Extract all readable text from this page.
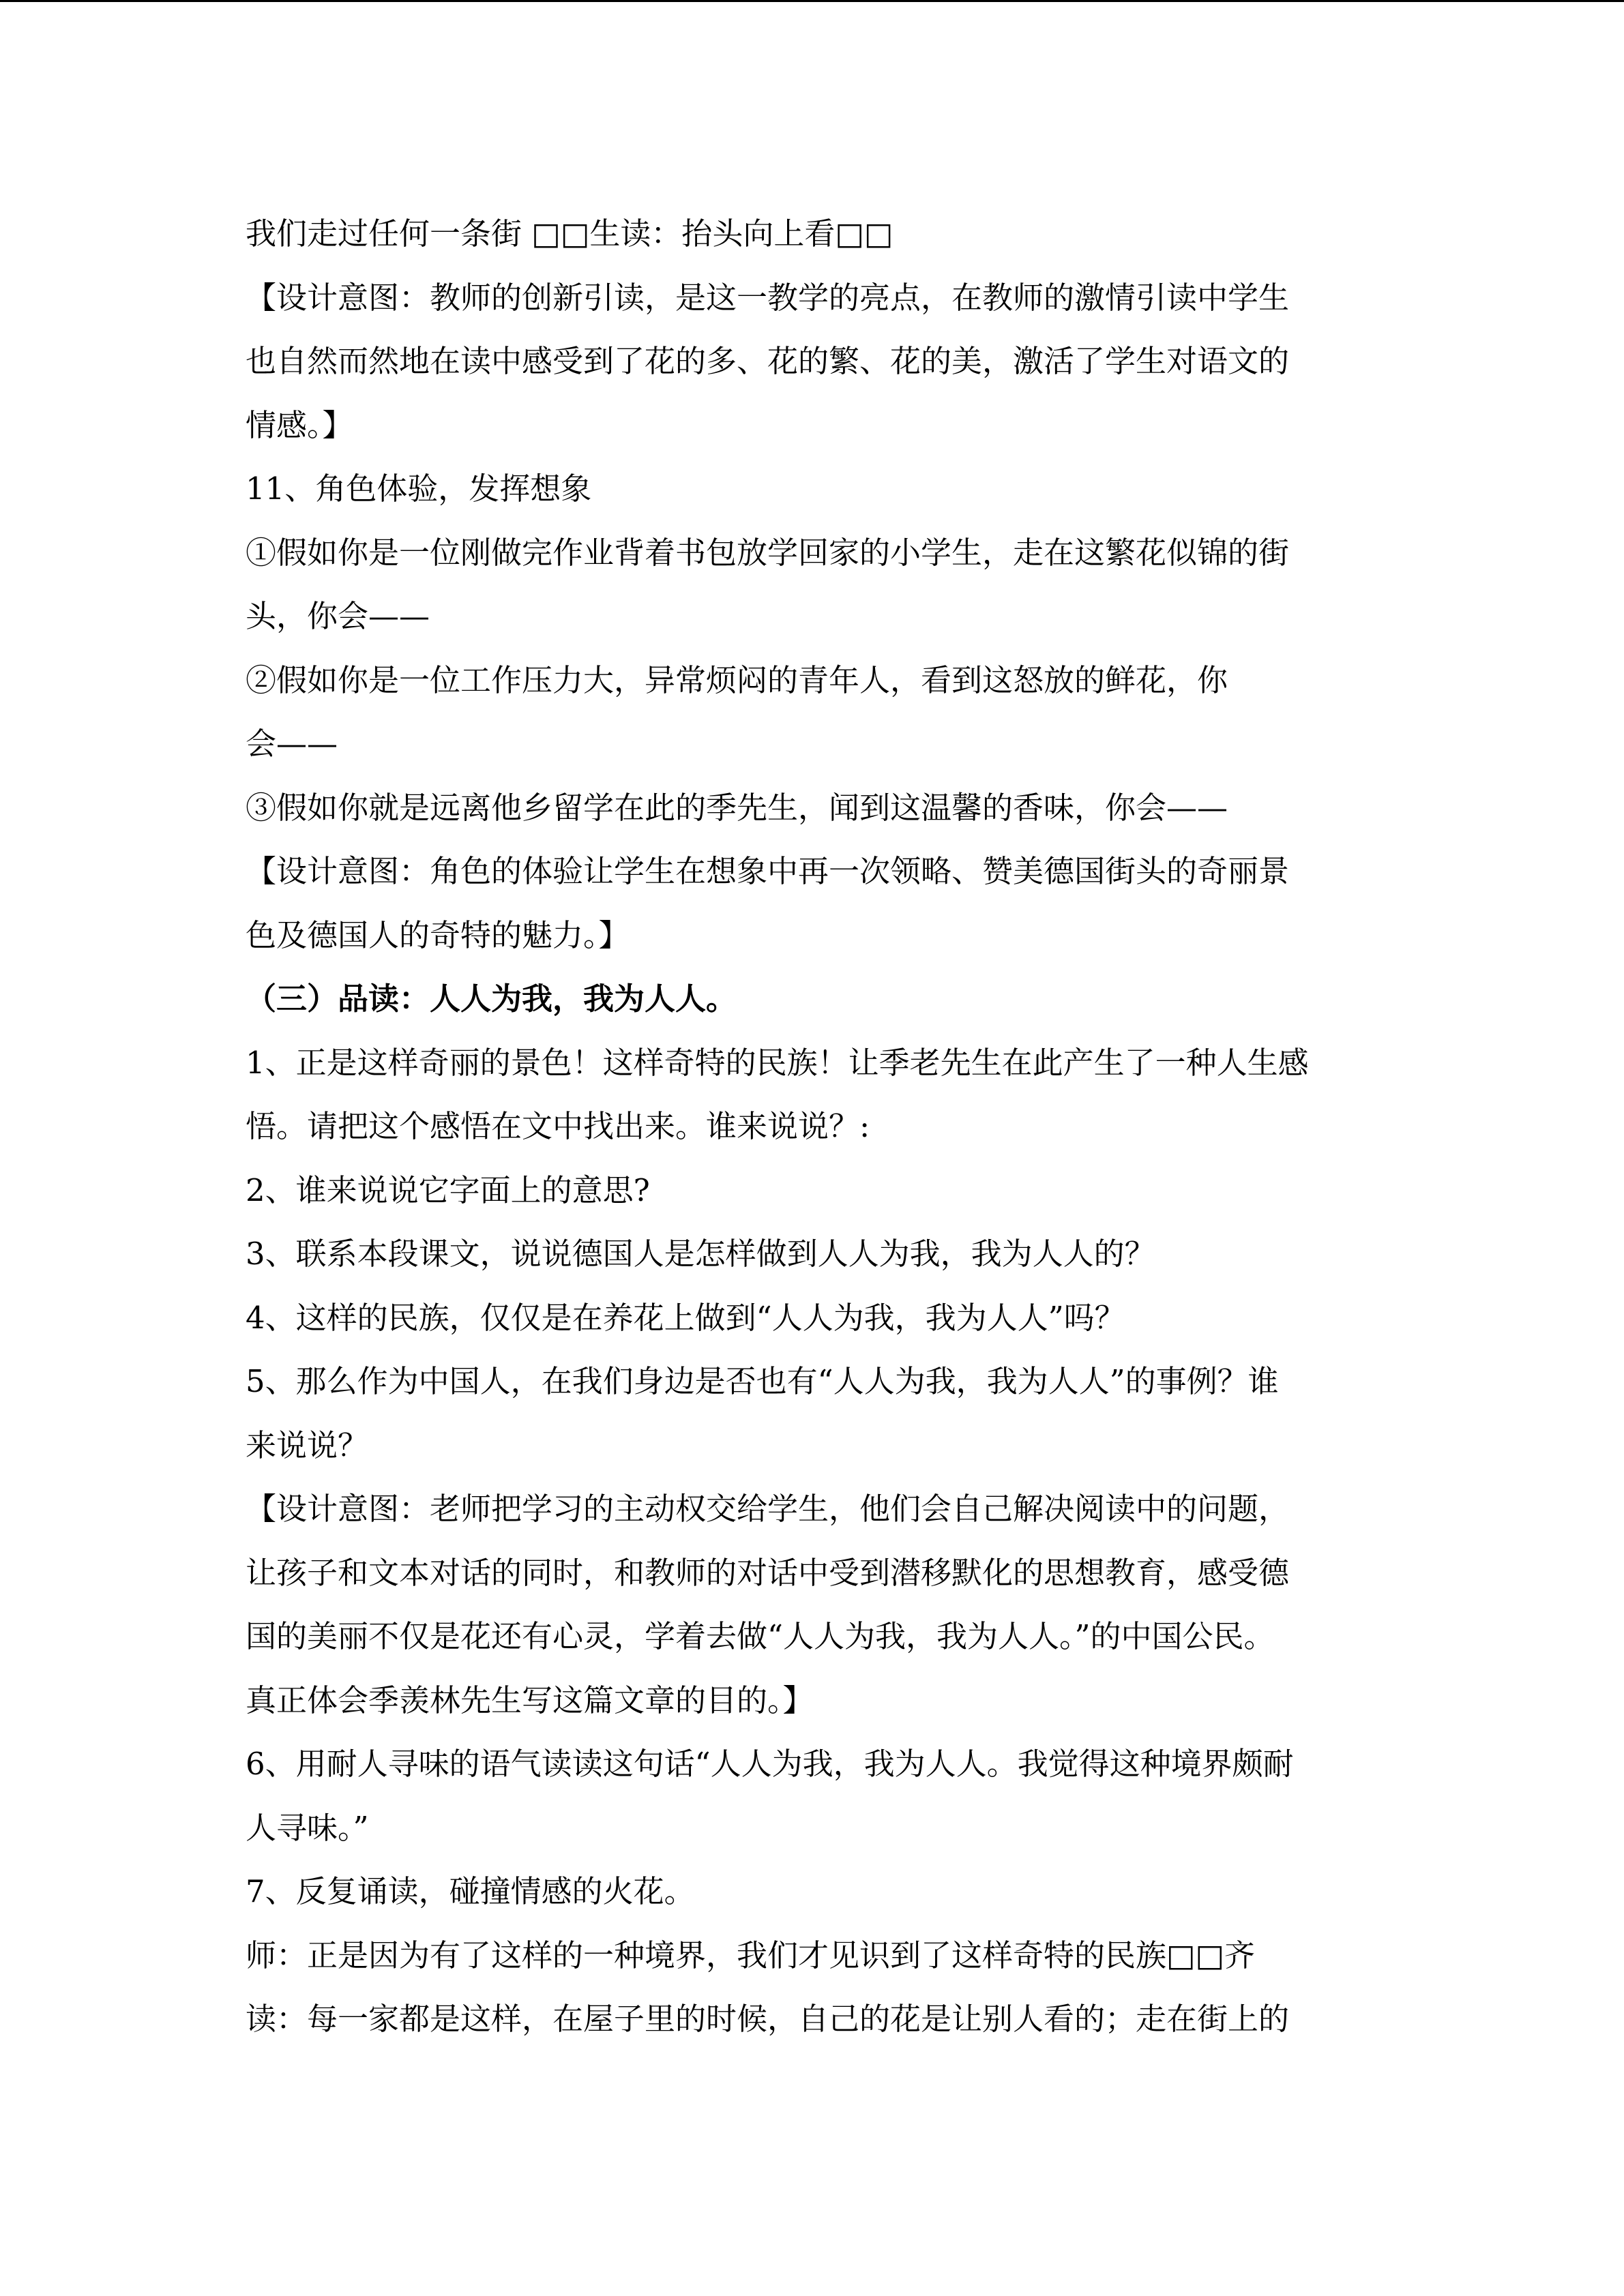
我们走过任何一条街 □□生读：抬头向上看□□
【设计意图：教师的创新引读，是这一教学的亮点，在教师的激情引读中学生
也自然而然地在读中感受到了花的多、花的繁、花的美，激活了学生对语文的
情感。】
11、角色体验，发挥想象
①假如你是一位刚做完作业背着书包放学回家的小学生，走在这繁花似锦的街
头，你会——
②假如你是一位工作压力大，异常烦闷的青年人，看到这怒放的鲜花，你
会——
③假如你就是远离他乡留学在此的季先生，闻到这温馨的香味，你会——
【设计意图：角色的体验让学生在想象中再一次领略、赞美德国街头的奇丽景
色及德国人的奇特的魅力。】
（三）品读：人人为我，我为人人。
1、正是这样奇丽的景色！这样奇特的民族！让季老先生在此产生了一种人生感
悟。请把这个感悟在文中找出来。谁来说说？:
2、谁来说说它字面上的意思?
3、联系本段课文，说说德国人是怎样做到人人为我，我为人人的？
4、这样的民族，仅仅是在养花上做到“人人为我，我为人人”吗？
5、那么作为中国人，在我们身边是否也有“人人为我，我为人人”的事例？谁
来说说？
【设计意图：老师把学习的主动权交给学生，他们会自己解决阅读中的问题，
让孩子和文本对话的同时，和教师的对话中受到潜移默化的思想教育，感受德
国的美丽不仅是花还有心灵，学着去做“人人为我，我为人人。”的中国公民。
真正体会季羡林先生写这篇文章的目的。】
6、用耐人寻味的语气读读这句话“人人为我，我为人人。我觉得这种境界颇耐
人寻味。”
7、反复诵读，碰撞情感的火花。
师：正是因为有了这样的一种境界，我们才见识到了这样奇特的民族□□齐
读：每一家都是这样，在屋子里的时候，自己的花是让别人看的；走在街上的
